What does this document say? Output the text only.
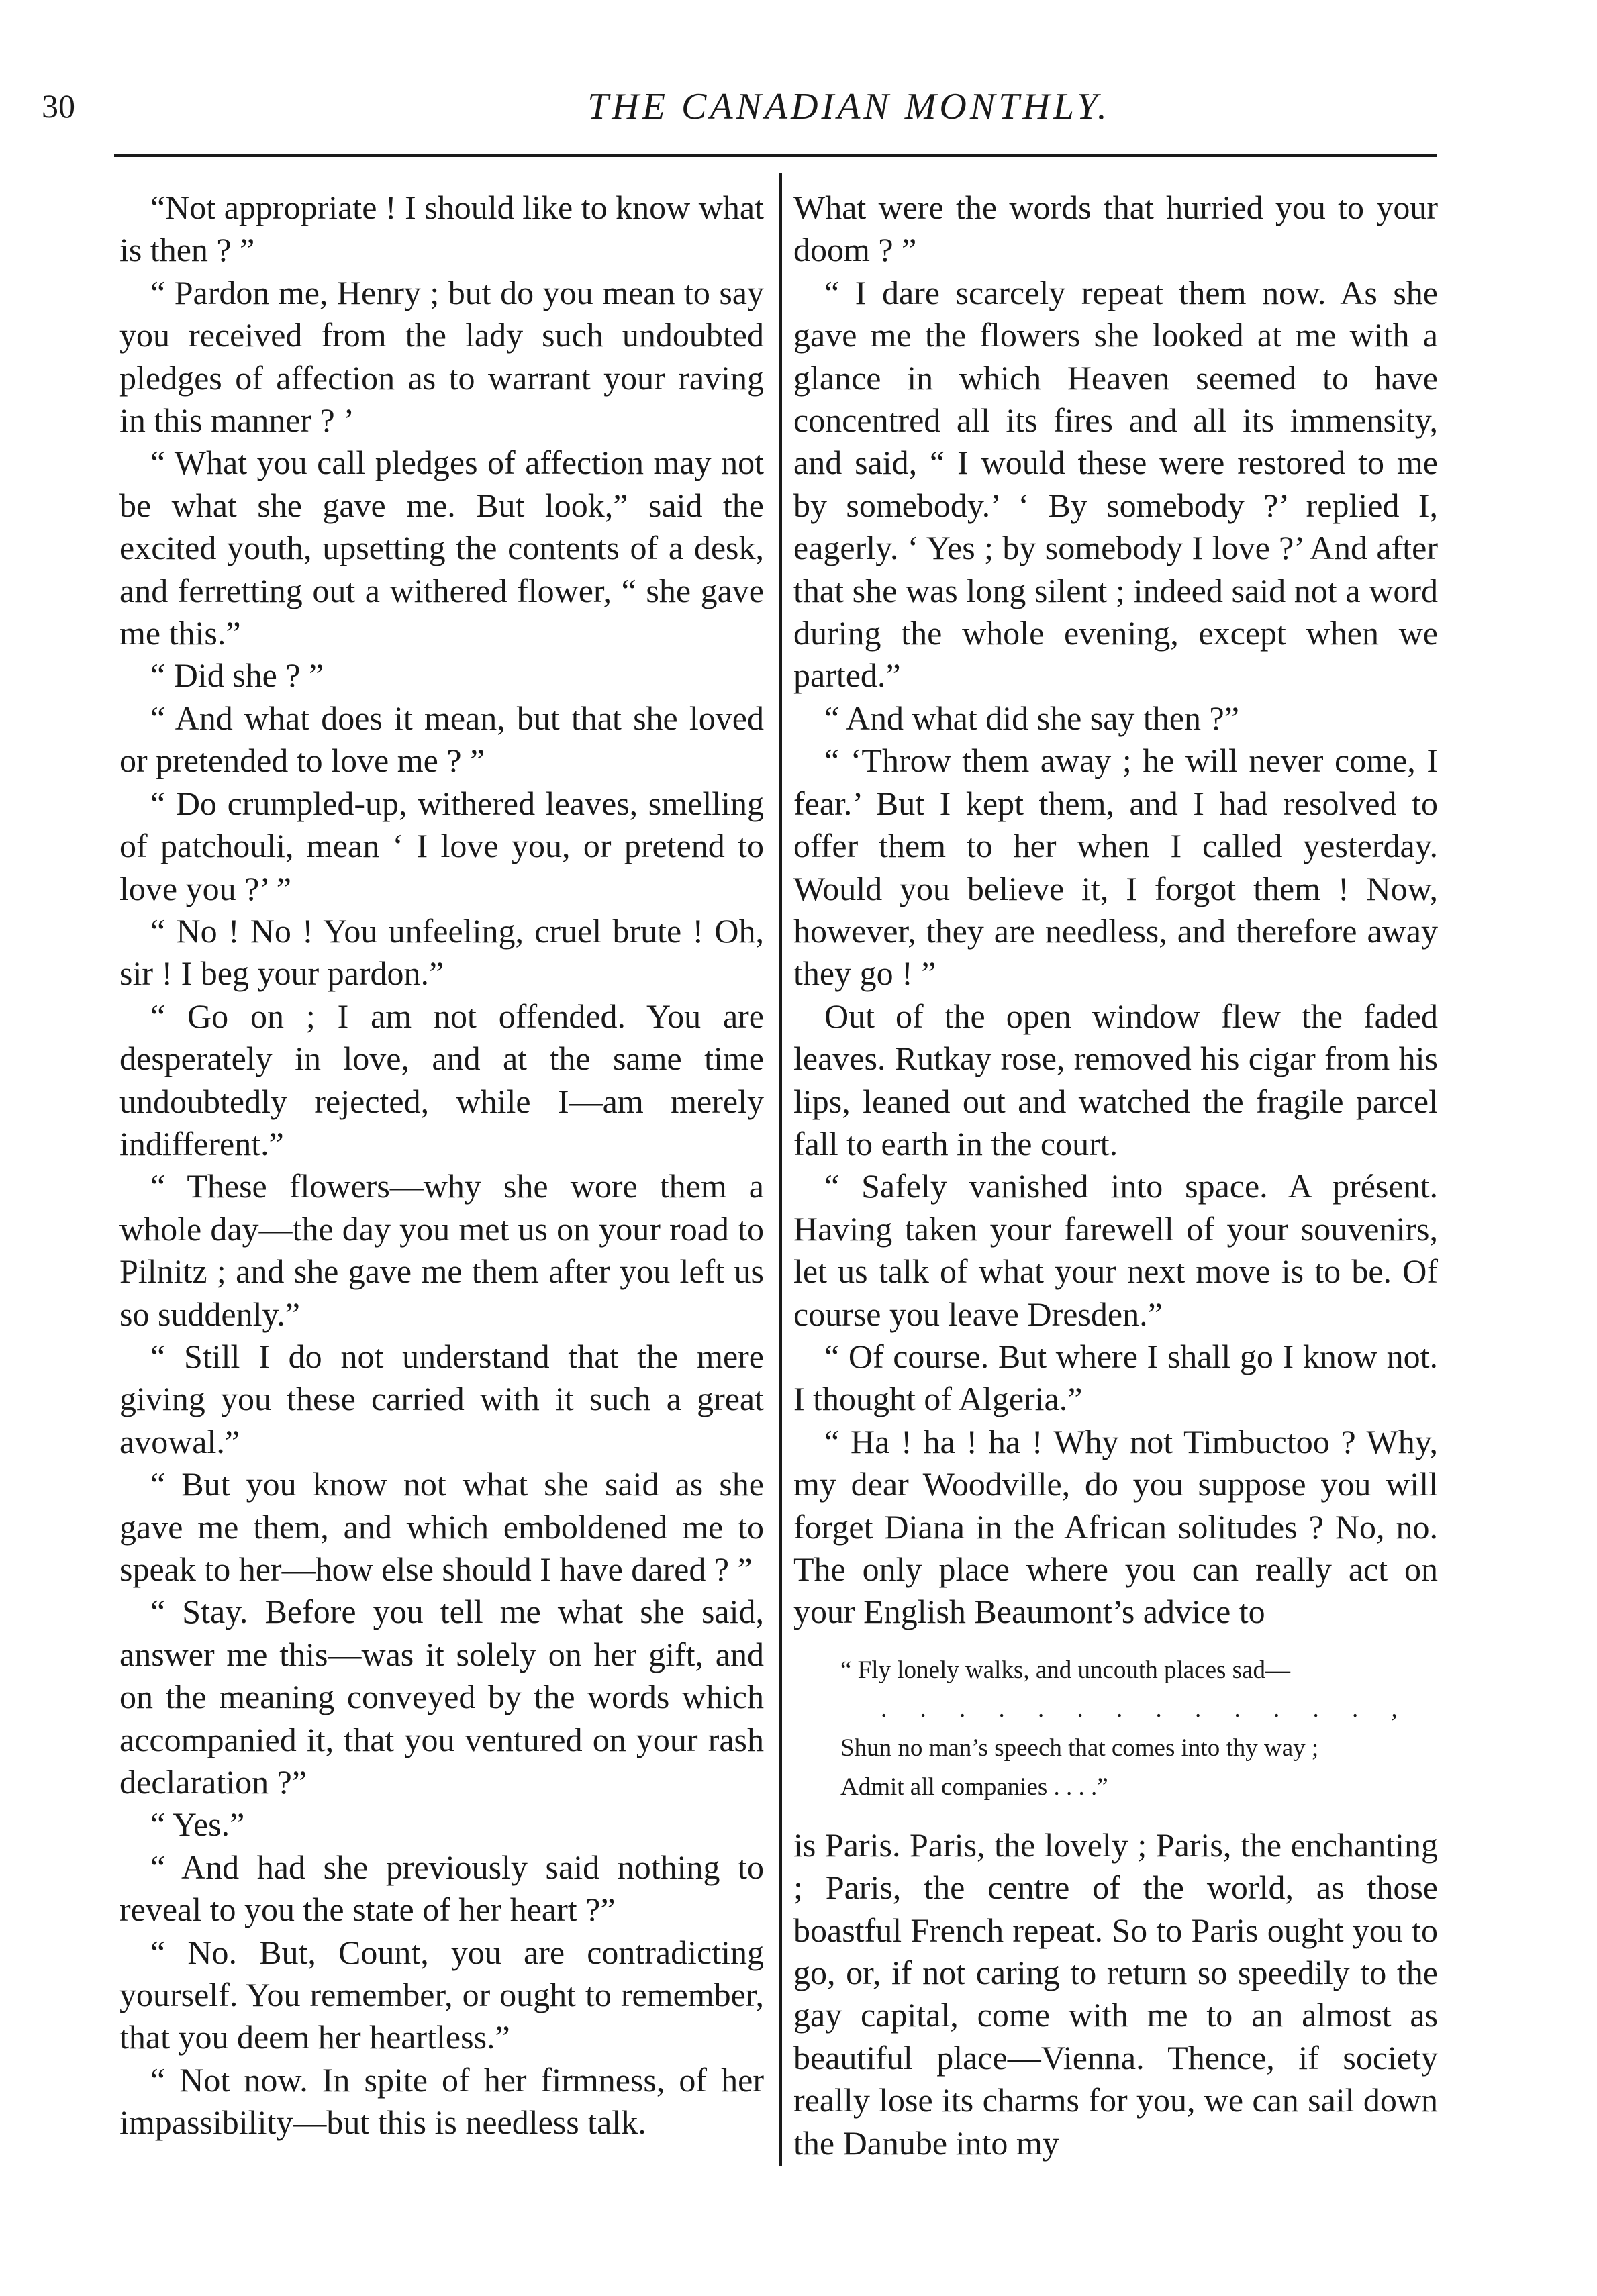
30	THE CANADIAN MONTHLY.

“Not appropriate ! I should like to know what is then ? ”

“ Pardon me, Henry ; but do you mean to say you received from the lady such undoubted pledges of affection as to warrant your raving in this manner ? ’

“ What you call pledges of affection may not be what she gave me. But look,” said the excited youth, upsetting the contents of a desk, and ferretting out a withered flower, “ she gave me this.”

“ Did she ? ”

“ And what does it mean, but that she loved or pretended to love me ? ”

“ Do crumpled-up, withered leaves, smelling of patchouli, mean ‘ I love you, or pretend to love you ?’ ”

“ No ! No ! You unfeeling, cruel brute ! Oh, sir ! I beg your pardon.”

“ Go on ; I am not offended. You are desperately in love, and at the same time undoubtedly rejected, while I—am merely indifferent.”

“ These flowers—why she wore them a whole day—the day you met us on your road to Pilnitz ; and she gave me them after you left us so suddenly.”

“ Still I do not understand that the mere giving you these carried with it such a great avowal.”

“ But you know not what she said as she gave me them, and which emboldened me to speak to her—how else should I have dared ? ”

“ Stay. Before you tell me what she said, answer me this—was it solely on her gift, and on the meaning conveyed by the words which accompanied it, that you ventured on your rash declaration ?”

“ Yes.”

“ And had she previously said nothing to reveal to you the state of her heart ?”

“ No. But, Count, you are contradicting yourself. You remember, or ought to remember, that you deem her heartless.”

“ Not now. In spite of her firmness, of her impassibility—but this is needless talk.

What were the words that hurried you to your doom ? ”

“ I dare scarcely repeat them now. As she gave me the flowers she looked at me with a glance in which Heaven seemed to have concentred all its fires and all its immensity, and said, “ I would these were restored to me by somebody.’ ‘ By somebody ?’ replied I, eagerly. ‘ Yes ; by somebody I love ?’ And after that she was long silent ; indeed said not a word during the whole evening, except when we parted.”

“ And what did she say then ?”

“ ‘Throw them away ; he will never come, I fear.’ But I kept them, and I had resolved to offer them to her when I called yesterday. Would you believe it, I forgot them ! Now, however, they are needless, and therefore away they go ! ”

Out of the open window flew the faded leaves. Rutkay rose, removed his cigar from his lips, leaned out and watched the fragile parcel fall to earth in the court.

“ Safely vanished into space. A présent. Having taken your farewell of your souvenirs, let us talk of what your next move is to be. Of course you leave Dresden.”

“ Of course. But where I shall go I know not. I thought of Algeria.”

“ Ha ! ha ! ha ! Why not Timbuctoo ? Why, my dear Woodville, do you suppose you will forget Diana in the African solitudes ? No, no. The only place where you can really act on your English Beaumont’s advice to

“ Fly lonely walks, and uncouth places sad—
. . . . . . . . . . . . . ,
Shun no man’s speech that comes into thy way ;
Admit all companies . . . .”

is Paris. Paris, the lovely ; Paris, the enchanting ; Paris, the centre of the world, as those boastful French repeat. So to Paris ought you to go, or, if not caring to return so speedily to the gay capital, come with me to an almost as beautiful place—Vienna. Thence, if society really lose its charms for you, we can sail down the Danube into my
